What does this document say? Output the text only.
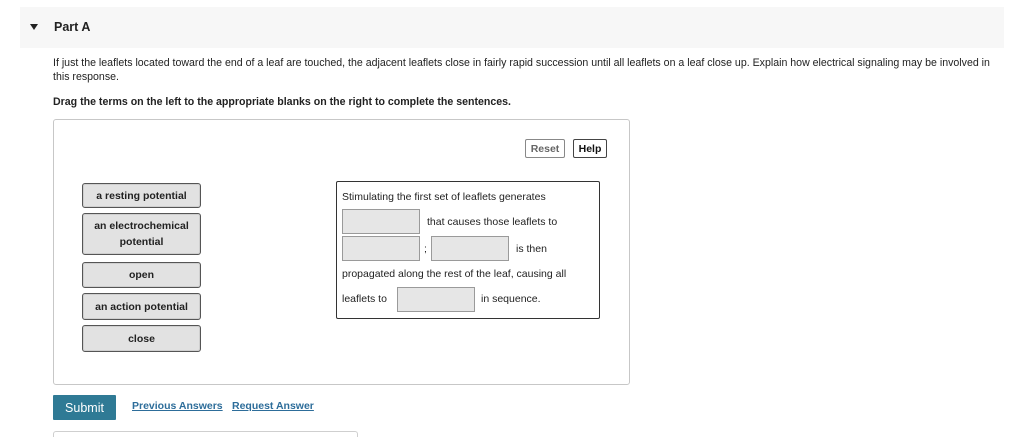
Part A

If just the leaflets located toward the end of a leaf are touched, the adjacent leaflets close in fairly rapid succession until all leaflets on a leaf close up. Explain how electrical signaling may be involved in this response.

Drag the terms on the left to the appropriate blanks on the right to complete the sentences.

Reset	Help
a resting potential
an electrochemical potential
open
an action potential
close
Stimulating the first set of leaflets generates
that causes those leaflets to
;	is then
propagated along the rest of the leaf, causing all
leaflets to	in sequence.
Submit	Previous Answers Request Answer
